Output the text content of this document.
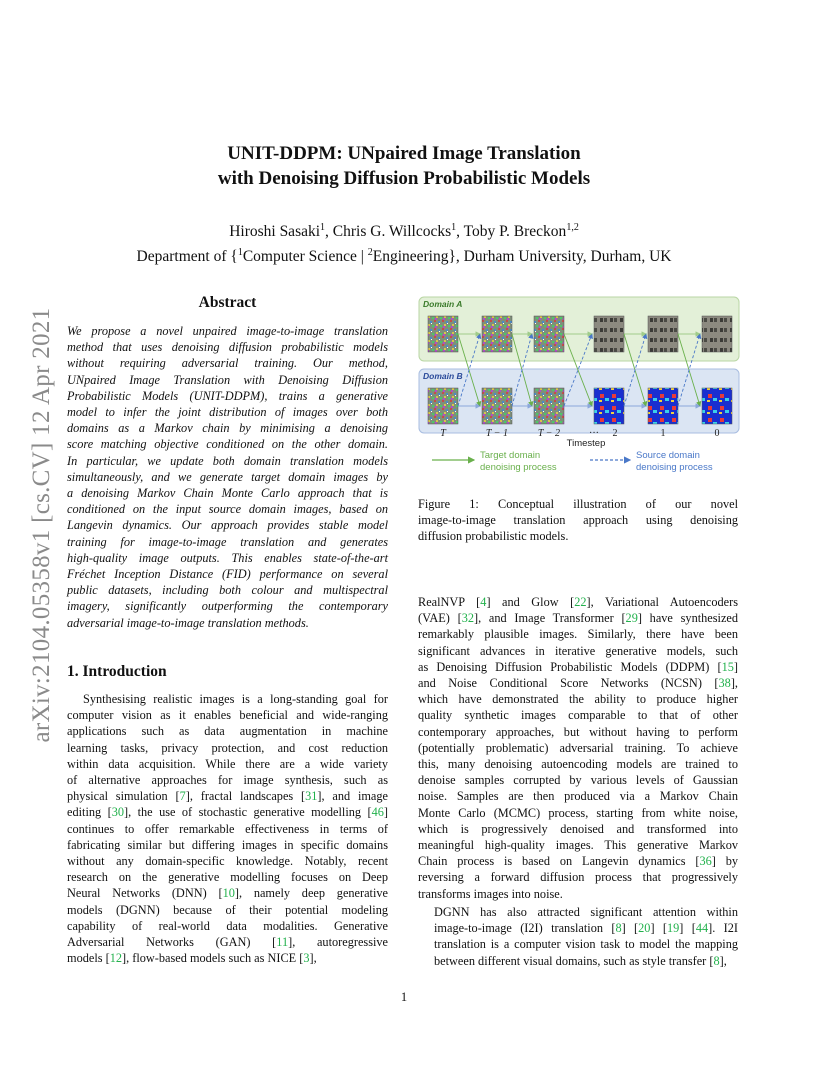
arXiv:2104.05358v1 [cs.CV] 12 Apr 2021
UNIT-DDPM: UNpaired Image Translation
with Denoising Diffusion Probabilistic Models
Hiroshi Sasaki$^1$, Chris G. Willcocks$^1$, Toby P. Breckon$^{1,2}$
Department of {$^1$Computer Science | $^2$Engineering}, Durham University, Durham, UK
Abstract
We propose a novel unpaired image-to-image translation
method that uses denoising diffusion probabilistic models
without requiring adversarial training. Our method,
UNpaired Image Translation with Denoising Diffusion
Probabilistic Models (UNIT-DDPM), trains a generative
model to infer the joint distribution of images over both
domains as a Markov chain by minimising a denoising
score matching objective conditioned on the other domain.
In particular, we update both domain translation models
simultaneously, and we generate target domain images by
a denoising Markov Chain Monte Carlo approach that is
conditioned on the input source domain images, based on
Langevin dynamics. Our approach provides stable model
training for image-to-image translation and generates
high-quality image outputs. This enables state-of-the-art
Fréchet Inception Distance (FID) performance on several
public datasets, including both colour and multispectral
imagery, significantly outperforming the contemporary
adversarial image-to-image translation methods.
1. Introduction
Synthesising realistic images is a long-standing goal for
computer vision as it enables beneficial and wide-ranging
applications such as data augmentation in machine
learning tasks, privacy protection, and cost reduction
within data acquisition. While there are a wide variety
of alternative approaches for image synthesis, such as
physical simulation [7], fractal landscapes [31], and image
editing [30], the use of stochastic generative modelling [46]
continues to offer remarkable effectiveness in terms of
fabricating similar but differing images in specific domains
without any domain-specific knowledge. Notably, recent
research on the generative modelling focuses on Deep
Neural Networks (DNN) [10], namely deep generative
models (DGNN) because of their potential modeling
capability of real-world data modalities. Generative
Adversarial Networks (GAN) [11], autoregressive
models [12], flow-based models such as NICE [3],
Domain A
Domain B
T	T − 1	T − 2	··· 2	1	0
Timestep
Target domain
denoising process
Source domain
denoising process
Figure 1: Conceptual illustration of our novel
image-to-image translation approach using denoising
diffusion probabilistic models.
RealNVP [4] and Glow [22], Variational Autoencoders
(VAE) [32], and Image Transformer [29] have synthesized
remarkably plausible images. Similarly, there have been
significant advances in iterative generative models, such
as Denoising Diffusion Probabilistic Models (DDPM) [15]
and Noise Conditional Score Networks (NCSN) [38],
which have demonstrated the ability to produce higher
quality synthetic images comparable to that of other
contemporary approaches, but without having to perform
(potentially problematic) adversarial training. To achieve
this, many denoising autoencoding models are trained to
denoise samples corrupted by various levels of Gaussian
noise. Samples are then produced via a Markov Chain
Monte Carlo (MCMC) process, starting from white noise,
which is progressively denoised and transformed into
meaningful high-quality images. This generative Markov
Chain process is based on Langevin dynamics [36] by
reversing a forward diffusion process that progressively
transforms images into noise.
DGNN has also attracted significant attention within
image-to-image (I2I) translation [8] [20] [19] [44]. I2I
translation is a computer vision task to model the mapping
between different visual domains, such as style transfer [8],
1
